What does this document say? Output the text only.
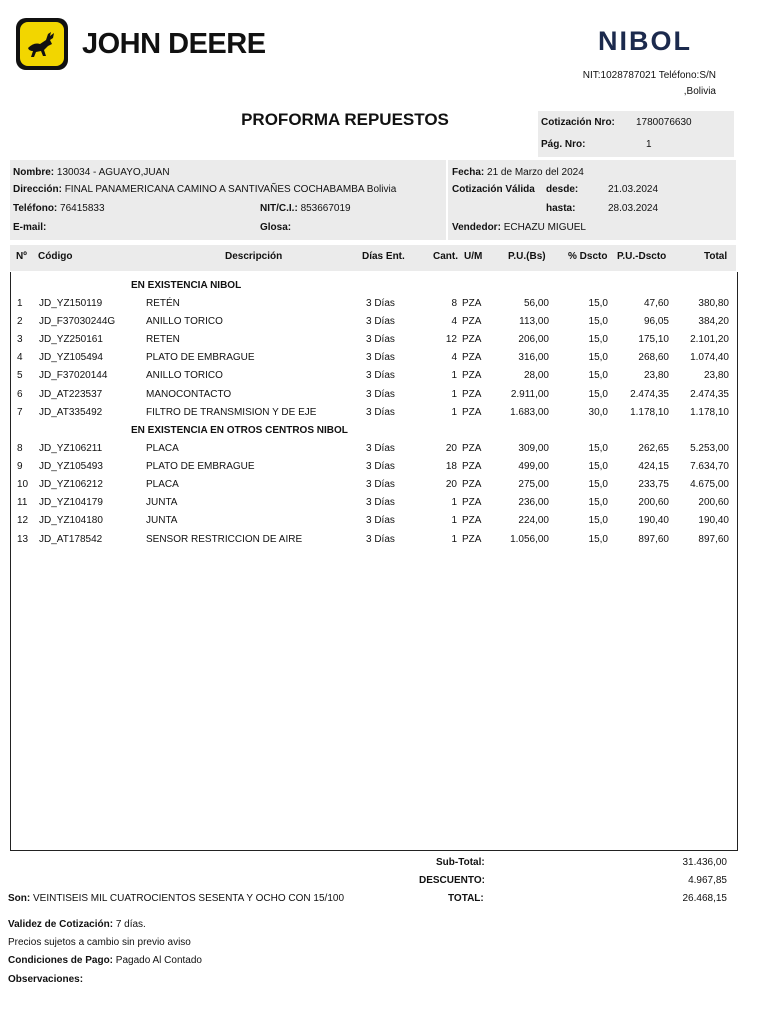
JOHN DEERE	NIBOL
NIT:1028787021 Teléfono:S/N
,Bolivia
PROFORMA REPUESTOS	Cotización Nro: 1780076630
Pág. Nro:	1
Nombre: 130034 - AGUAYO,JUAN
Dirección: FINAL PANAMERICANA CAMINO A SANTIVAÑES COCHABAMBA Bolivia
Teléfono: 76415833	NIT/C.I.: 853667019
E-mail:	Glosa:
Fecha: 21 de Marzo del 2024
Cotización Válida desde:	21.03.2024
hasta:	28.03.2024
Vendedor: ECHAZU MIGUEL
Nº Código	Descripción	Días Ent.	Cant. U/M	P.U.(Bs) % Dscto P.U.-Dscto	Total
EN EXISTENCIA NIBOL
EN EXISTENCIA EN OTROS CENTROS NIBOL
1 JD_YZ150119	RETÉN	3 Días	8 PZA	56,00	15,0	47,60	380,80
2 JD_F37030244G	ANILLO TORICO	3 Días	4 PZA	113,00	15,0	96,05	384,20
3 JD_YZ250161	RETEN	3 Días	12 PZA	206,00	15,0	175,10	2.101,20
4 JD_YZ105494	PLATO DE EMBRAGUE	3 Días	4 PZA	316,00	15,0	268,60	1.074,40
5 JD_F37020144	ANILLO TORICO	3 Días	1 PZA	28,00	15,0	23,80	23,80
6 JD_AT223537	MANOCONTACTO	3 Días	1 PZA	2.911,00	15,0	2.474,35	2.474,35
7 JD_AT335492	FILTRO DE TRANSMISION Y DE EJE	3 Días	1 PZA	1.683,00	30,0	1.178,10	1.178,10
8 JD_YZ106211	PLACA	3 Días	20 PZA	309,00	15,0	262,65	5.253,00
9 JD_YZ105493	PLATO DE EMBRAGUE	3 Días	18 PZA	499,00	15,0	424,15	7.634,70
10 JD_YZ106212	PLACA	3 Días	20 PZA	275,00	15,0	233,75	4.675,00
11 JD_YZ104179	JUNTA	3 Días	1 PZA	236,00	15,0	200,60	200,60
12 JD_YZ104180	JUNTA	3 Días	1 PZA	224,00	15,0	190,40	190,40
13 JD_AT178542	SENSOR RESTRICCION DE AIRE	3 Días	1 PZA	1.056,00	15,0	897,60	897,60
Sub-Total:	31.436,00
DESCUENTO:	4.967,85
Son: VEINTISEIS MIL CUATROCIENTOS SESENTA Y OCHO CON 15/100	TOTAL:	26.468,15
Validez de Cotización: 7 días.
Precios sujetos a cambio sin previo aviso
Condiciones de Pago: Pagado Al Contado
Observaciones:
